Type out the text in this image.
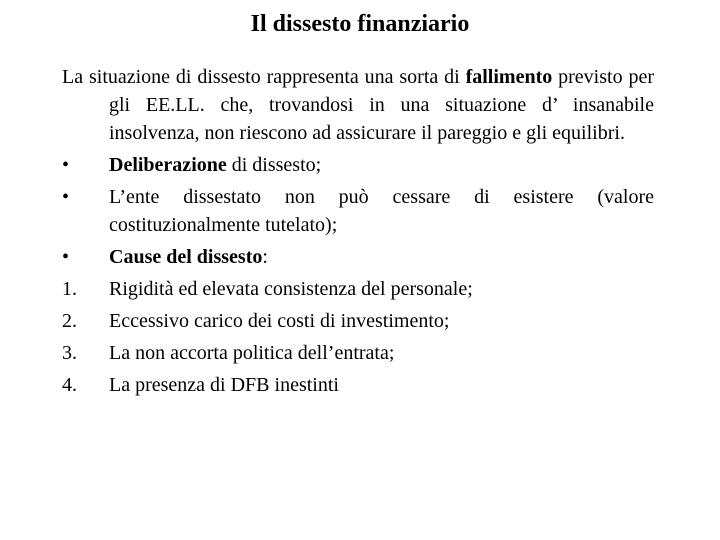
Il dissesto finanziario

La situazione di dissesto rappresenta una sorta di fallimento previsto per gli EE.LL. che, trovandosi in una situazione d’ insanabile insolvenza, non riescono ad assicurare il pareggio e gli equilibri.

•	Deliberazione di dissesto;
•	L’ente dissestato non può cessare di esistere (valore costituzionalmente tutelato);
•	Cause del dissesto:
1.	Rigidità ed elevata consistenza del personale;
2.	Eccessivo carico dei costi di investimento;
3.	La non accorta politica dell’entrata;
4.	La presenza di DFB inestinti
